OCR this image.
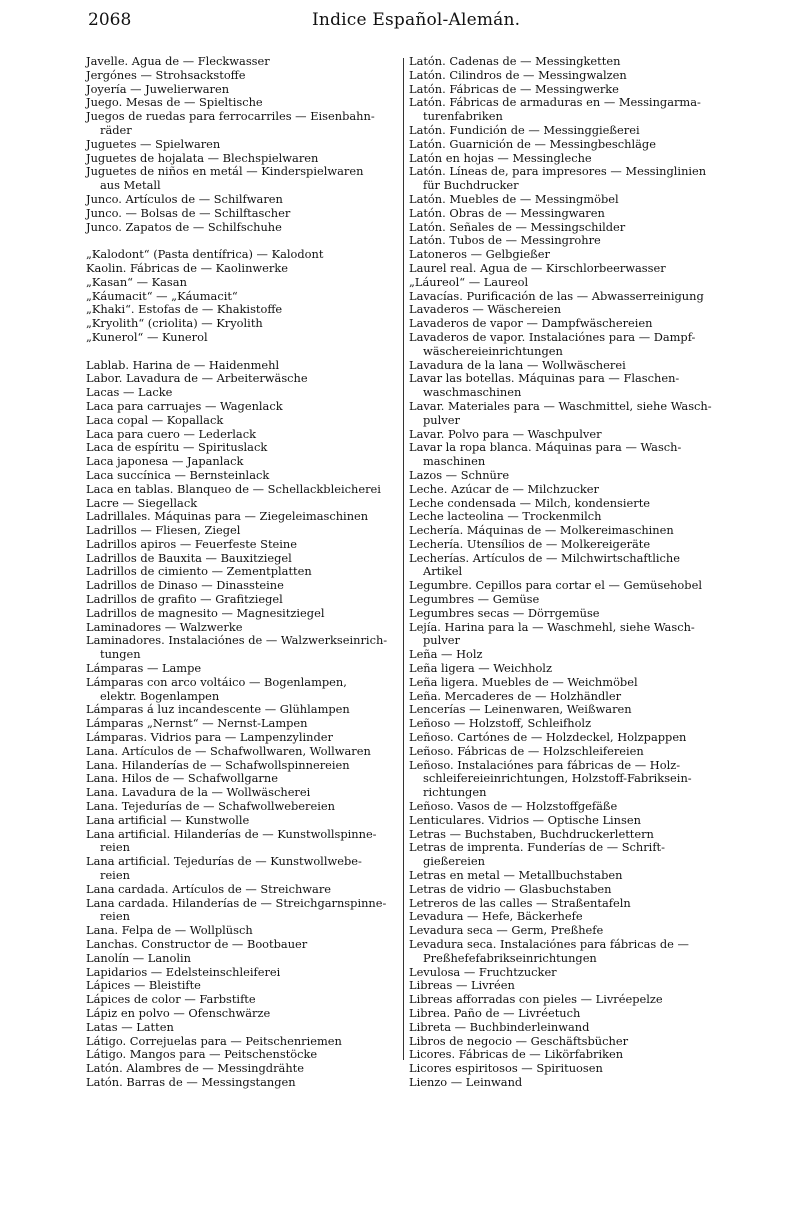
2068	Indice Español-Alemán.
Javelle. Agua de — Fleckwasser
Jergónes — Strohsackstoffe
Joyería — Juwelierwaren
Juego. Mesas de — Spieltische
Juegos de ruedas para ferrocarriles — Eisenbahn-
räder
Juguetes — Spielwaren
Juguetes de hojalata — Blechspielwaren
Juguetes de niños en metál — Kinderspielwaren
aus Metall
Junco. Artículos de — Schilfwaren
Junco. — Bolsas de — Schilftascher
Junco. Zapatos de — Schilfschuhe
„Kalodont“ (Pasta dentífrica) — Kalodont
Kaolin. Fábricas de — Kaolinwerke
„Kasan“ — Kasan
„Káumacit“ — „Káumacit“
„Khaki“. Estofas de — Khakistoffe
„Kryolith“ (criolita) — Kryolith
„Kunerol“ — Kunerol
Lablab. Harina de — Haidenmehl
Labor. Lavadura de — Arbeiterwäsche
Lacas — Lacke
Laca para carruajes — Wagenlack
Laca copal — Kopallack
Laca para cuero — Lederlack
Laca de espíritu — Spirituslack
Laca japonesa — Japanlack
Laca succínica — Bernsteinlack
Laca en tablas. Blanqueo de — Schellackbleicherei
Lacre — Siegellack
Ladrillales. Máquinas para — Ziegeleimaschinen
Ladrillos — Fliesen, Ziegel
Ladrillos apiros — Feuerfeste Steine
Ladrillos de Bauxita — Bauxitziegel
Ladrillos de cimiento — Zementplatten
Ladrillos de Dinaso — Dinassteine
Ladrillos de grafito — Grafitziegel
Ladrillos de magnesito — Magnesitziegel
Laminadores — Walzwerke
Laminadores. Instalaciónes de — Walzwerkseinrich-
tungen
Lámparas — Lampe
Lámparas con arco voltáico — Bogenlampen,
elektr. Bogenlampen
Lámparas á luz incandescente — Glühlampen
Lámparas „Nernst“ — Nernst-Lampen
Lámparas. Vidrios para — Lampenzylinder
Lana. Artículos de — Schafwollwaren, Wollwaren
Lana. Hilanderías de — Schafwollspinnereien
Lana. Hilos de — Schafwollgarne
Lana. Lavadura de la — Wollwäscherei
Lana. Tejedurías de — Schafwollwebereien
Lana artificial — Kunstwolle
Lana artificial. Hilanderías de — Kunstwollspinne-
reien
Lana artificial. Tejedurías de — Kunstwollwebe-
reien
Lana cardada. Artículos de — Streichware
Lana cardada. Hilanderías de — Streichgarnspinne-
reien
Lana. Felpa de — Wollplüsch
Lanchas. Constructor de — Bootbauer
Lanolín — Lanolin
Lapidarios — Edelsteinschleiferei
Lápices — Bleistifte
Lápices de color — Farbstifte
Lápiz en polvo — Ofenschwärze
Latas — Latten
Látigo. Correjuelas para — Peitschenriemen
Látigo. Mangos para — Peitschenstöcke
Latón. Alambres de — Messingdrähte
Latón. Barras de — Messingstangen
Latón. Cadenas de — Messingketten
Latón. Cilindros de — Messingwalzen
Latón. Fábricas de — Messingwerke
Latón. Fábricas de armaduras en — Messingarma-
turenfabriken
Latón. Fundición de — Messinggießerei
Latón. Guarnición de — Messingbeschläge
Latón en hojas — Messingleche
Latón. Líneas de, para impresores — Messinglinien
für Buchdrucker
Latón. Muebles de — Messingmöbel
Latón. Obras de — Messingwaren
Latón. Señales de — Messingschilder
Latón. Tubos de — Messingrohre
Latoneros — Gelbgießer
Laurel real. Agua de — Kirschlorbeerwasser
„Láureol“ — Laureol
Lavacías. Purificación de las — Abwasserreinigung
Lavaderos — Wäschereien
Lavaderos de vapor — Dampfwäschereien
Lavaderos de vapor. Instalaciónes para — Dampf-
wäschereieinrichtungen
Lavadura de la lana — Wollwäscherei
Lavar las botellas. Máquinas para — Flaschen-
waschmaschinen
Lavar. Materiales para — Waschmittel, siehe Wasch-
pulver
Lavar. Polvo para — Waschpulver
Lavar la ropa blanca. Máquinas para — Wasch-
maschinen
Lazos — Schnüre
Leche. Azúcar de — Milchzucker
Leche condensada — Milch, kondensierte
Leche lacteolina — Trockenmilch
Lechería. Máquinas de — Molkereimaschinen
Lechería. Utensílios de — Molkereigeräte
Lecherías. Artículos de — Milchwirtschaftliche
Artikel
Legumbre. Cepillos para cortar el — Gemüsehobel
Legumbres — Gemüse
Legumbres secas — Dörrgemüse
Lejía. Harina para la — Waschmehl, siehe Wasch-
pulver
Leña — Holz
Leña ligera — Weichholz
Leña ligera. Muebles de — Weichmöbel
Leña. Mercaderes de — Holzhändler
Lencerías — Leinenwaren, Weißwaren
Leñoso — Holzstoff, Schleifholz
Leñoso. Cartónes de — Holzdeckel, Holzpappen
Leñoso. Fábricas de — Holzschleifereien
Leñoso. Instalaciónes para fábricas de — Holz-
schleifereieinrichtungen, Holzstoff-Fabriksein-
richtungen
Leñoso. Vasos de — Holzstoffgefäße
Lenticulares. Vidrios — Optische Linsen
Letras — Buchstaben, Buchdruckerlettern
Letras de imprenta. Funderías de — Schrift-
gießereien
Letras en metal — Metallbuchstaben
Letras de vidrio — Glasbuchstaben
Letreros de las calles — Straßentafeln
Levadura — Hefe, Bäckerhefe
Levadura seca — Germ, Preßhefe
Levadura seca. Instalaciónes para fábricas de —
Preßhefefabrikseinrichtungen
Levulosa — Fruchtzucker
Libreas — Livréen
Libreas afforradas con pieles — Livréepelze
Librea. Paño de — Livréetuch
Libreta — Buchbinderleinwand
Libros de negocio — Geschäftsbücher
Licores. Fábricas de — Likörfabriken
Licores espiritosos — Spirituosen
Lienzo — Leinwand
